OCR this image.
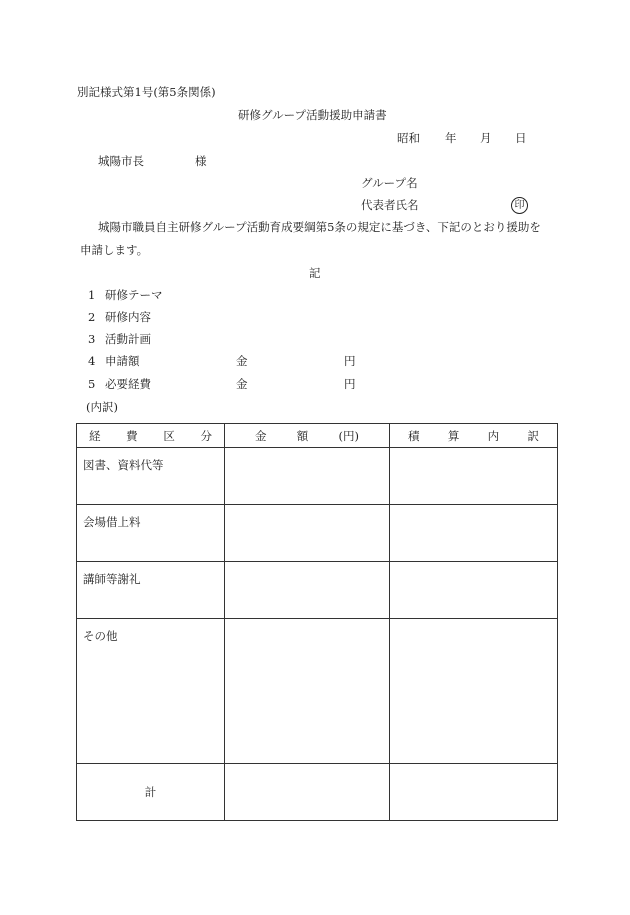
別記様式第1号(第5条関係)
研修グループ活動援助申請書
昭和 年 月 日
城陽市長	様
グループ名
代表者氏名	印
城陽市職員自主研修グループ活動育成要綱第5条の規定に基づき、下記のとおり援助を
申請します。
記
1 研修テーマ
2 研修内容
3 活動計画
4 申請額	金	円
5 必要経費	金	円
(内訳)
経 費 区 分	金 額 (円)	積 算 内 訳

図書、資料代等		

会場借上料		

講師等謝礼		

その他		

計		
